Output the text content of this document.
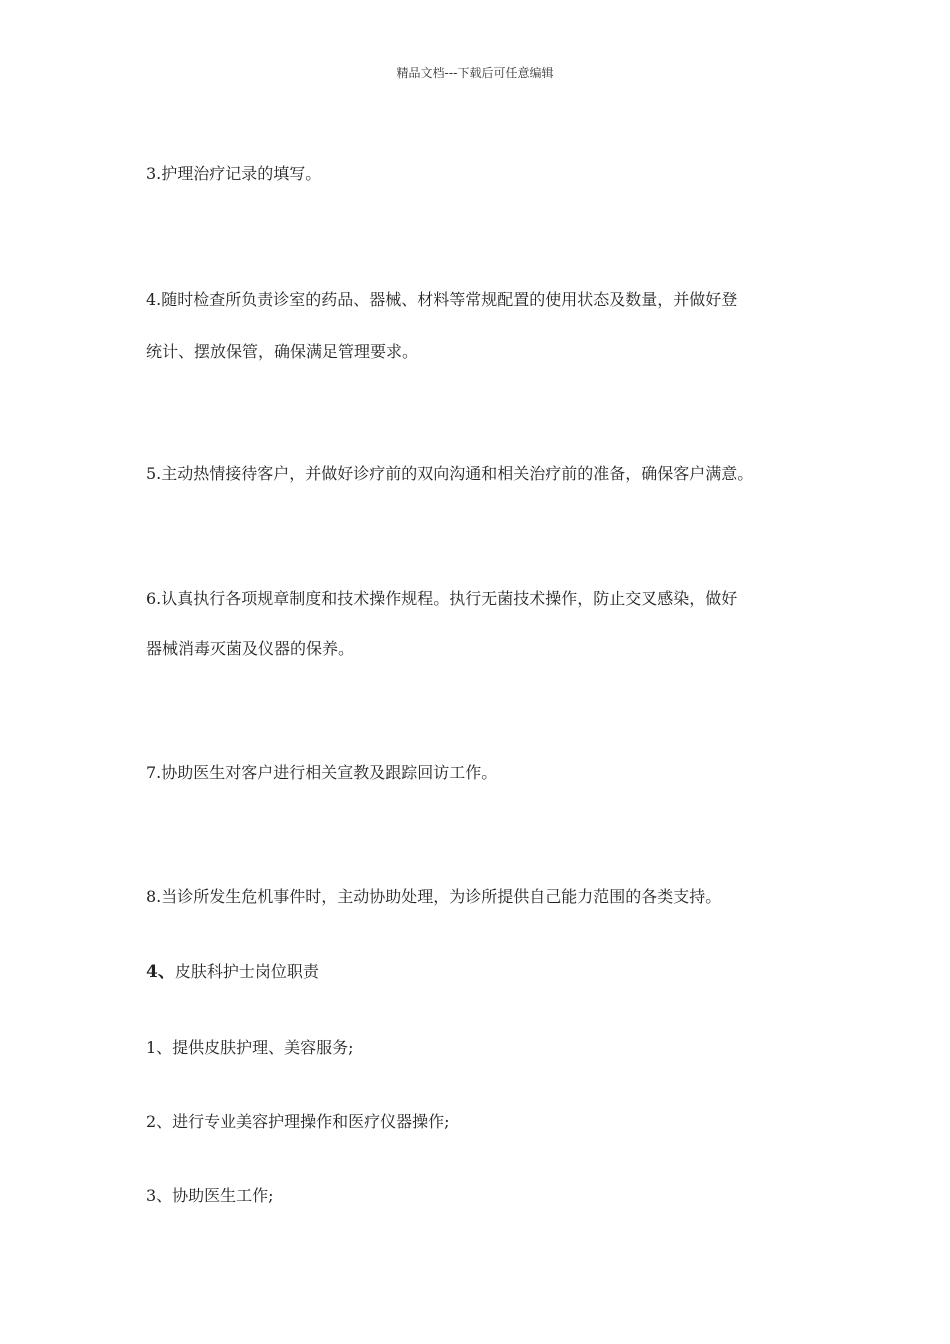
精品文档---下载后可任意编辑
3.护理治疗记录的填写。
4.随时检查所负责诊室的药品、器械、材料等常规配置的使用状态及数量，并做好登
统计、摆放保管，确保满足管理要求。
5.主动热情接待客户，并做好诊疗前的双向沟通和相关治疗前的准备，确保客户满意。
6.认真执行各项规章制度和技术操作规程。执行无菌技术操作，防止交叉感染，做好
器械消毒灭菌及仪器的保养。
7.协助医生对客户进行相关宣教及跟踪回访工作。
8.当诊所发生危机事件时，主动协助处理，为诊所提供自己能力范围的各类支持。
4、皮肤科护士岗位职责
1、提供皮肤护理、美容服务;
2、进行专业美容护理操作和医疗仪器操作;
3、协助医生工作;
